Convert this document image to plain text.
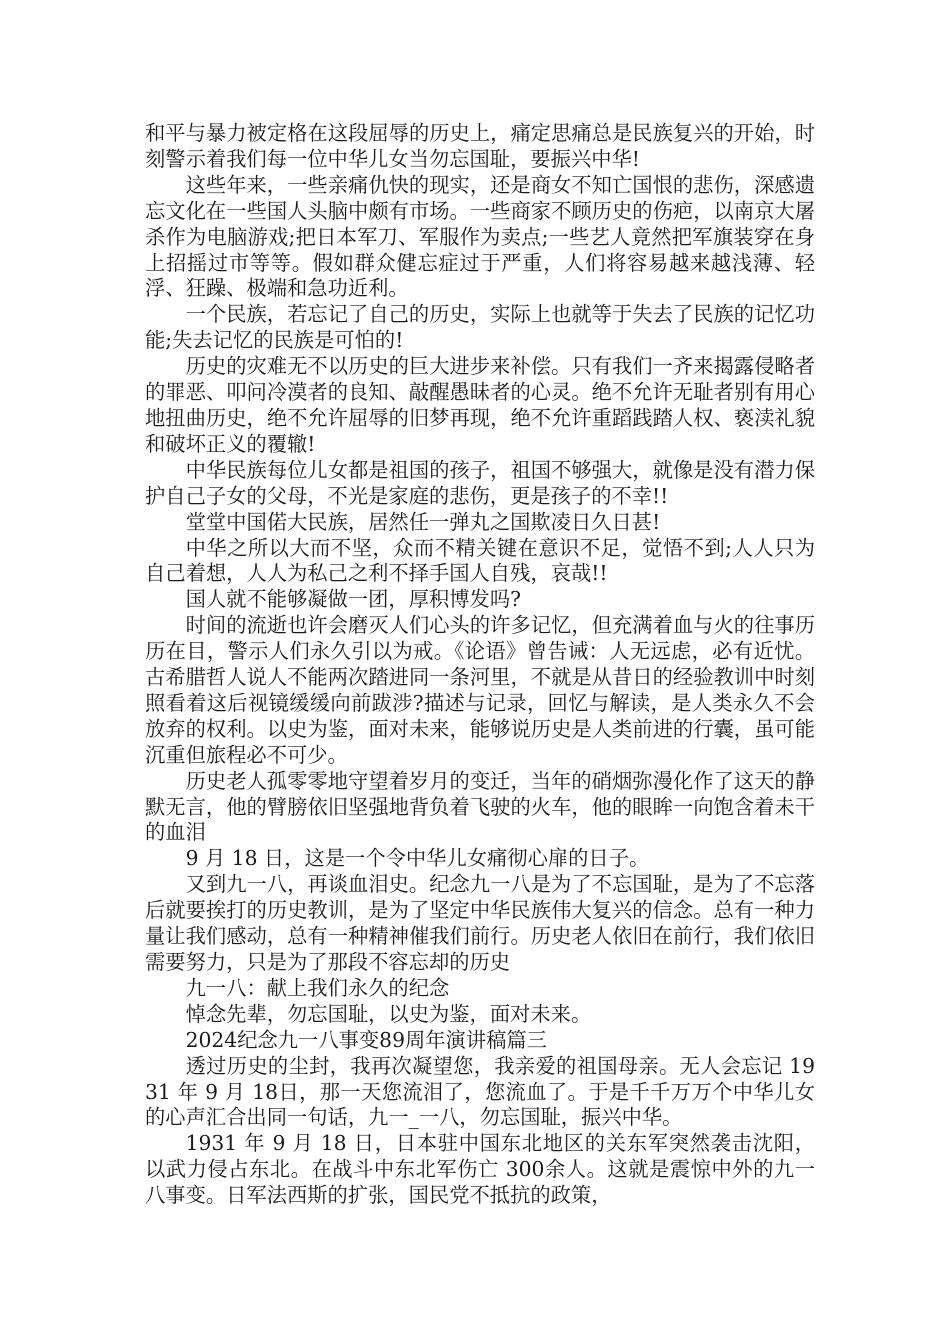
和平与暴力被定格在这段屈辱的历史上，痛定思痛总是民族复兴的开始，时刻警示着我们每一位中华儿女当勿忘国耻，要振兴中华!

这些年来，一些亲痛仇快的现实，还是商女不知亡国恨的悲伤，深感遗忘文化在一些国人头脑中颇有市场。一些商家不顾历史的伤疤，以南京大屠杀作为电脑游戏;把日本军刀、军服作为卖点;一些艺人竟然把军旗装穿在身上招摇过市等等。假如群众健忘症过于严重，人们将容易越来越浅薄、轻浮、狂躁、极端和急功近利。

一个民族，若忘记了自己的历史，实际上也就等于失去了民族的记忆功能;失去记忆的民族是可怕的!

历史的灾难无不以历史的巨大进步来补偿。只有我们一齐来揭露侵略者的罪恶、叩问冷漠者的良知、敲醒愚昧者的心灵。绝不允许无耻者别有用心地扭曲历史，绝不允许屈辱的旧梦再现，绝不允许重蹈践踏人权、亵渎礼貌和破坏正义的覆辙!

中华民族每位儿女都是祖国的孩子，祖国不够强大，就像是没有潜力保护自己子女的父母，不光是家庭的悲伤，更是孩子的不幸!!

堂堂中国偌大民族，居然任一弹丸之国欺凌日久日甚!

中华之所以大而不坚，众而不精关键在意识不足，觉悟不到;人人只为自己着想，人人为私己之利不择手国人自残，哀哉!!

国人就不能够凝做一团，厚积博发吗?

时间的流逝也许会磨灭人们心头的许多记忆，但充满着血与火的往事历历在目，警示人们永久引以为戒。《论语》曾告诫：人无远虑，必有近忧。古希腊哲人说人不能两次踏进同一条河里，不就是从昔日的经验教训中时刻照看着这后视镜缓缓向前跋涉?描述与记录，回忆与解读，是人类永久不会放弃的权利。以史为鉴，面对未来，能够说历史是人类前进的行囊，虽可能沉重但旅程必不可少。

历史老人孤零零地守望着岁月的变迁，当年的硝烟弥漫化作了这天的静默无言，他的臂膀依旧坚强地背负着飞驶的火车，他的眼眸一向饱含着未干的血泪

9 月 18 日，这是一个令中华儿女痛彻心扉的日子。

又到九一八，再谈血泪史。纪念九一八是为了不忘国耻，是为了不忘落后就要挨打的历史教训，是为了坚定中华民族伟大复兴的信念。总有一种力量让我们感动，总有一种精神催我们前行。历史老人依旧在前行，我们依旧需要努力，只是为了那段不容忘却的历史

九一八：献上我们永久的纪念

悼念先辈，勿忘国耻，以史为鉴，面对未来。

2024纪念九一八事变89周年演讲稿篇三

透过历史的尘封，我再次凝望您，我亲爱的祖国母亲。无人会忘记 1931 年 9 月 18日，那一天您流泪了，您流血了。于是千千万万个中华儿女的心声汇合出同一句话，九一_一八，勿忘国耻，振兴中华。

1931 年 9 月 18 日，日本驻中国东北地区的关东军突然袭击沈阳，以武力侵占东北。在战斗中东北军伤亡 300余人。这就是震惊中外的九一八事变。日军法西斯的扩张，国民党不抵抗的政策，
